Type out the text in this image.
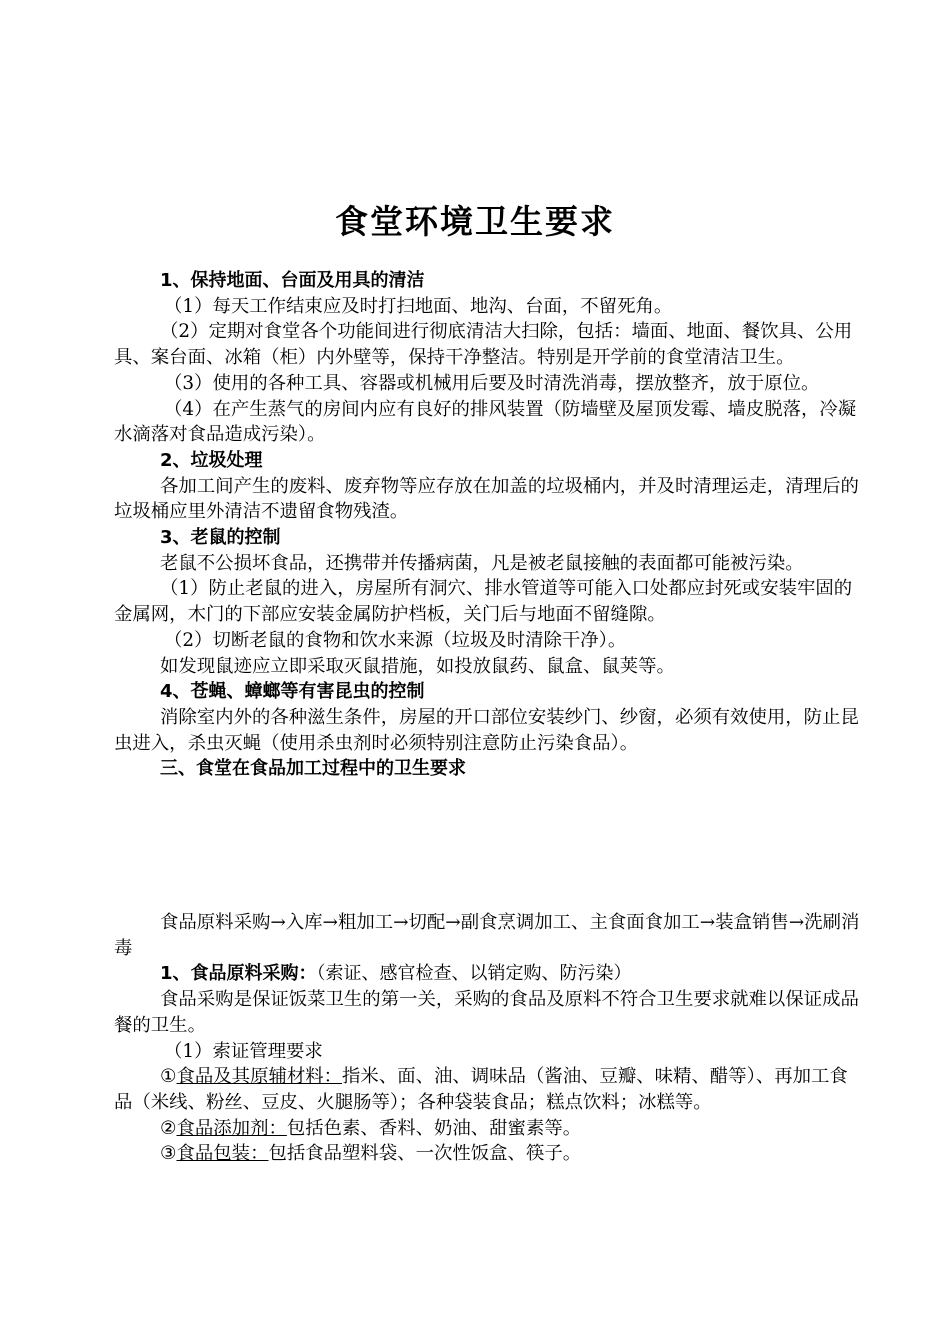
食堂环境卫生要求

1、保持地面、台面及用具的清洁

（1）每天工作结束应及时打扫地面、地沟、台面，不留死角。

（2）定期对食堂各个功能间进行彻底清洁大扫除，包括：墙面、地面、餐饮具、公用具、案台面、冰箱（柜）内外壁等，保持干净整洁。特别是开学前的食堂清洁卫生。

（3）使用的各种工具、容器或机械用后要及时清洗消毒，摆放整齐，放于原位。

（4）在产生蒸气的房间内应有良好的排风装置（防墙壁及屋顶发霉、墙皮脱落，冷凝水滴落对食品造成污染）。

2、垃圾处理

各加工间产生的废料、废弃物等应存放在加盖的垃圾桶内，并及时清理运走，清理后的垃圾桶应里外清洁不遗留食物残渣。

3、老鼠的控制

老鼠不公损坏食品，还携带并传播病菌，凡是被老鼠接触的表面都可能被污染。

（1）防止老鼠的进入，房屋所有洞穴、排水管道等可能入口处都应封死或安装牢固的金属网，木门的下部应安装金属防护档板，关门后与地面不留缝隙。

（2）切断老鼠的食物和饮水来源（垃圾及时清除干净）。

如发现鼠迹应立即采取灭鼠措施，如投放鼠药、鼠盒、鼠荚等。

4、苍蝇、蟑螂等有害昆虫的控制

消除室内外的各种滋生条件，房屋的开口部位安装纱门、纱窗，必须有效使用，防止昆虫进入，杀虫灭蝇（使用杀虫剂时必须特别注意防止污染食品）。

三、食堂在食品加工过程中的卫生要求

食品原料采购→入库→粗加工→切配→副食烹调加工、主食面食加工→装盒销售→洗刷消毒

1、食品原料采购：（索证、感官检查、以销定购、防污染）

食品采购是保证饭菜卫生的第一关，采购的食品及原料不符合卫生要求就难以保证成品餐的卫生。

（1）索证管理要求

①食品及其原辅材料：指米、面、油、调味品（酱油、豆瓣、味精、醋等）、再加工食品（米线、粉丝、豆皮、火腿肠等）；各种袋装食品；糕点饮料；冰糕等。

②食品添加剂：包括色素、香料、奶油、甜蜜素等。

③食品包装：包括食品塑料袋、一次性饭盒、筷子。
